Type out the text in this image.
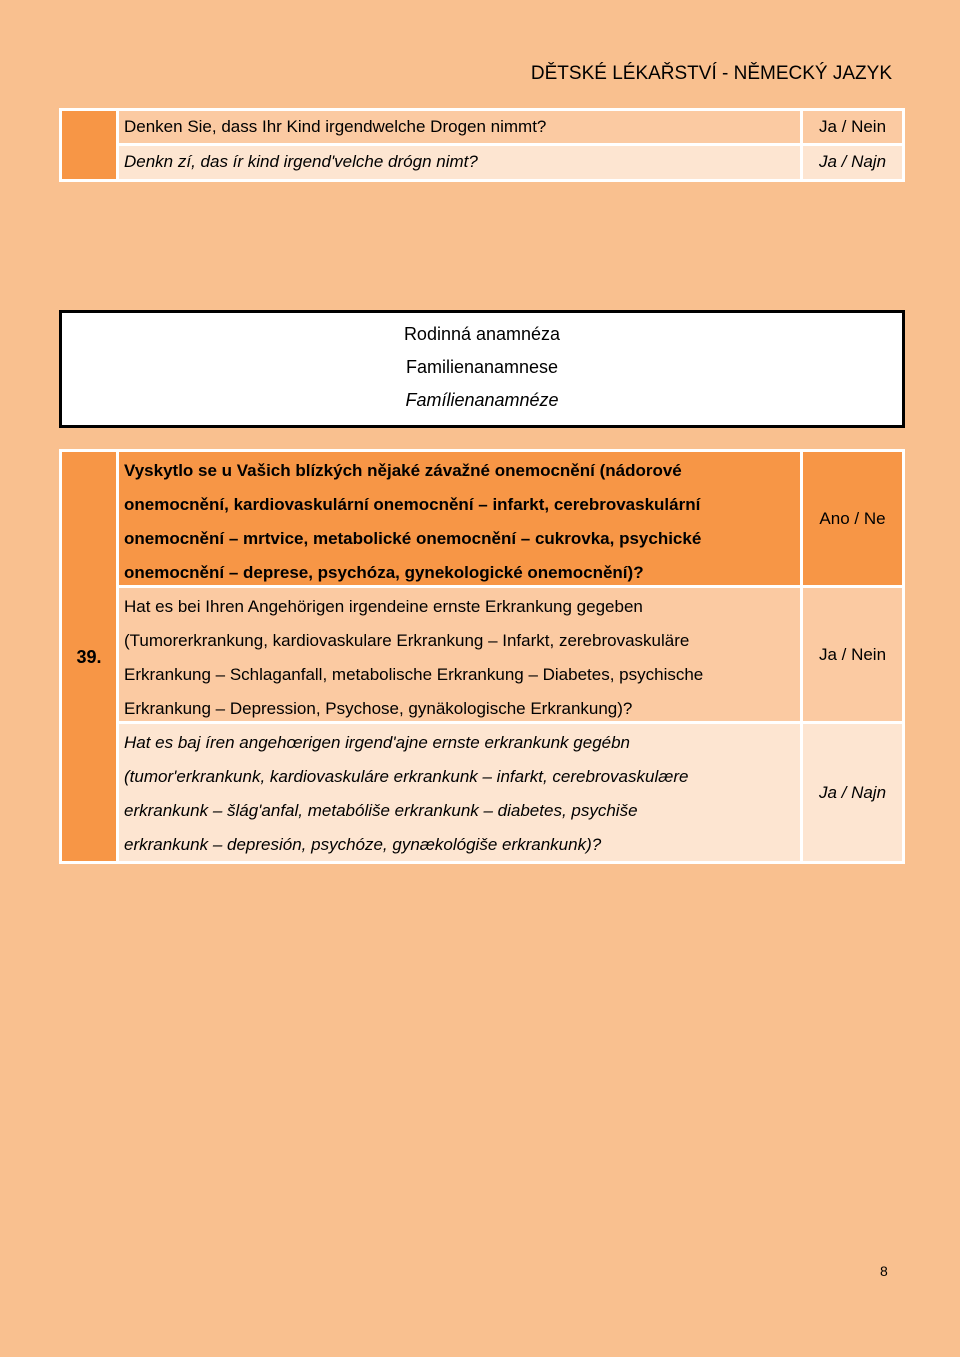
DĚTSKÉ LÉKAŘSTVÍ - NĚMECKÝ JAZYK
Denken Sie, dass Ihr Kind irgendwelche Drogen nimmt?	Ja / Nein
Denkn zí, das ír kind irgend'velche drógn nimt?	Ja / Najn
Rodinná anamnéza
Familienanamnese
Famílienanamnéze
39.
Vyskytlo se u Vašich blízkých nějaké závažné onemocnění (nádorové
onemocnění, kardiovaskulární onemocnění – infarkt, cerebrovaskulární
onemocnění – mrtvice, metabolické onemocnění – cukrovka, psychické
onemocnění – deprese, psychóza, gynekologické onemocnění)?
Ano / Ne
Hat es bei Ihren Angehörigen irgendeine ernste Erkrankung gegeben
(Tumorerkrankung, kardiovaskulare Erkrankung – Infarkt, zerebrovaskuläre
Erkrankung – Schlaganfall, metabolische Erkrankung – Diabetes, psychische
Erkrankung – Depression, Psychose, gynäkologische Erkrankung)?
Ja / Nein
Hat es baj íren angehœrigen irgend'ajne ernste erkrankunk gegébn
(tumor'erkrankunk, kardiovaskuláre erkrankunk – infarkt, cerebrovaskulære
erkrankunk – šlág'anfal, metabóliše erkrankunk – diabetes, psychiše
erkrankunk – depresión, psychóze, gynækológiše erkrankunk)?
Ja / Najn
8
